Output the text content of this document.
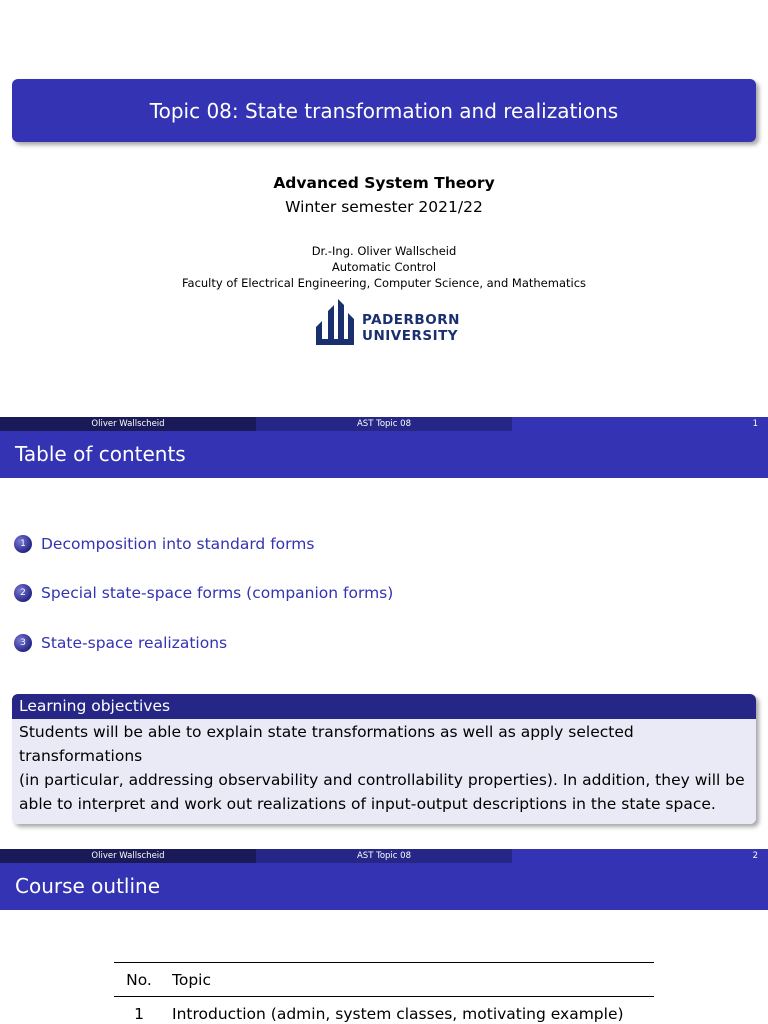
Topic 08: State transformation and realizations
Advanced System Theory
Winter semester 2021/22
Dr.-Ing. Oliver Wallscheid
Automatic Control
Faculty of Electrical Engineering, Computer Science, and Mathematics
PADERBORN
UNIVERSITY
Oliver Wallscheid	AST Topic 08	1
Table of contents
1 Decomposition into standard forms
2 Special state-space forms (companion forms)
3 State-space realizations
Learning objectives
Students will be able to explain state transformations as well as apply selected transformations
(in particular, addressing observability and controllability properties). In addition, they will be
able to interpret and work out realizations of input-output descriptions in the state space.
Oliver Wallscheid	AST Topic 08	2
Course outline
No.	Topic
1	Introduction (admin, system classes, motivating example)
